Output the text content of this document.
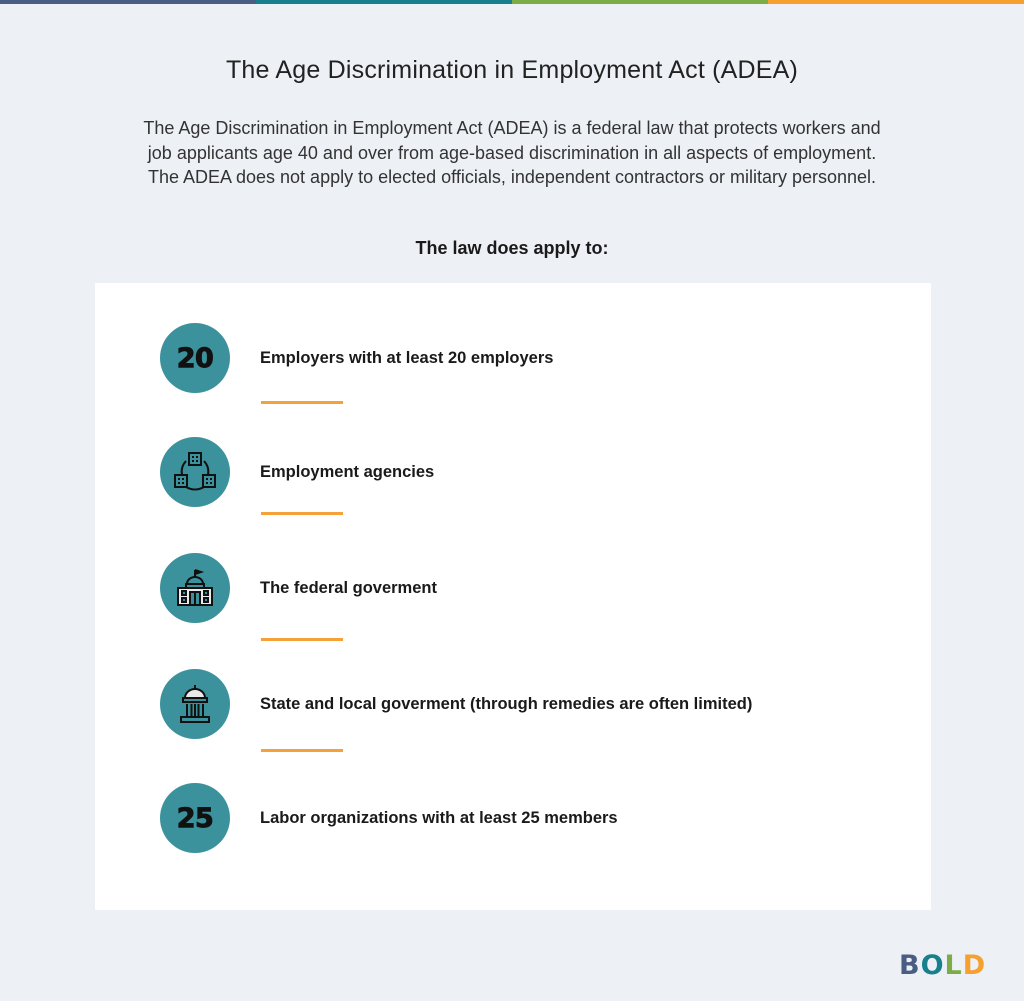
The Age Discrimination in Employment Act (ADEA)
The Age Discrimination in Employment Act (ADEA) is a federal law that protects workers and job applicants age 40 and over from age-based discrimination in all aspects of employment. The ADEA does not apply to elected officials, independent contractors or military personnel.
The law does apply to:
20	Employers with at least 20 employers
Employment agencies
The federal goverment
State and local goverment (through remedies are often limited)
25	Labor organizations with at least 25 members
BOLD
